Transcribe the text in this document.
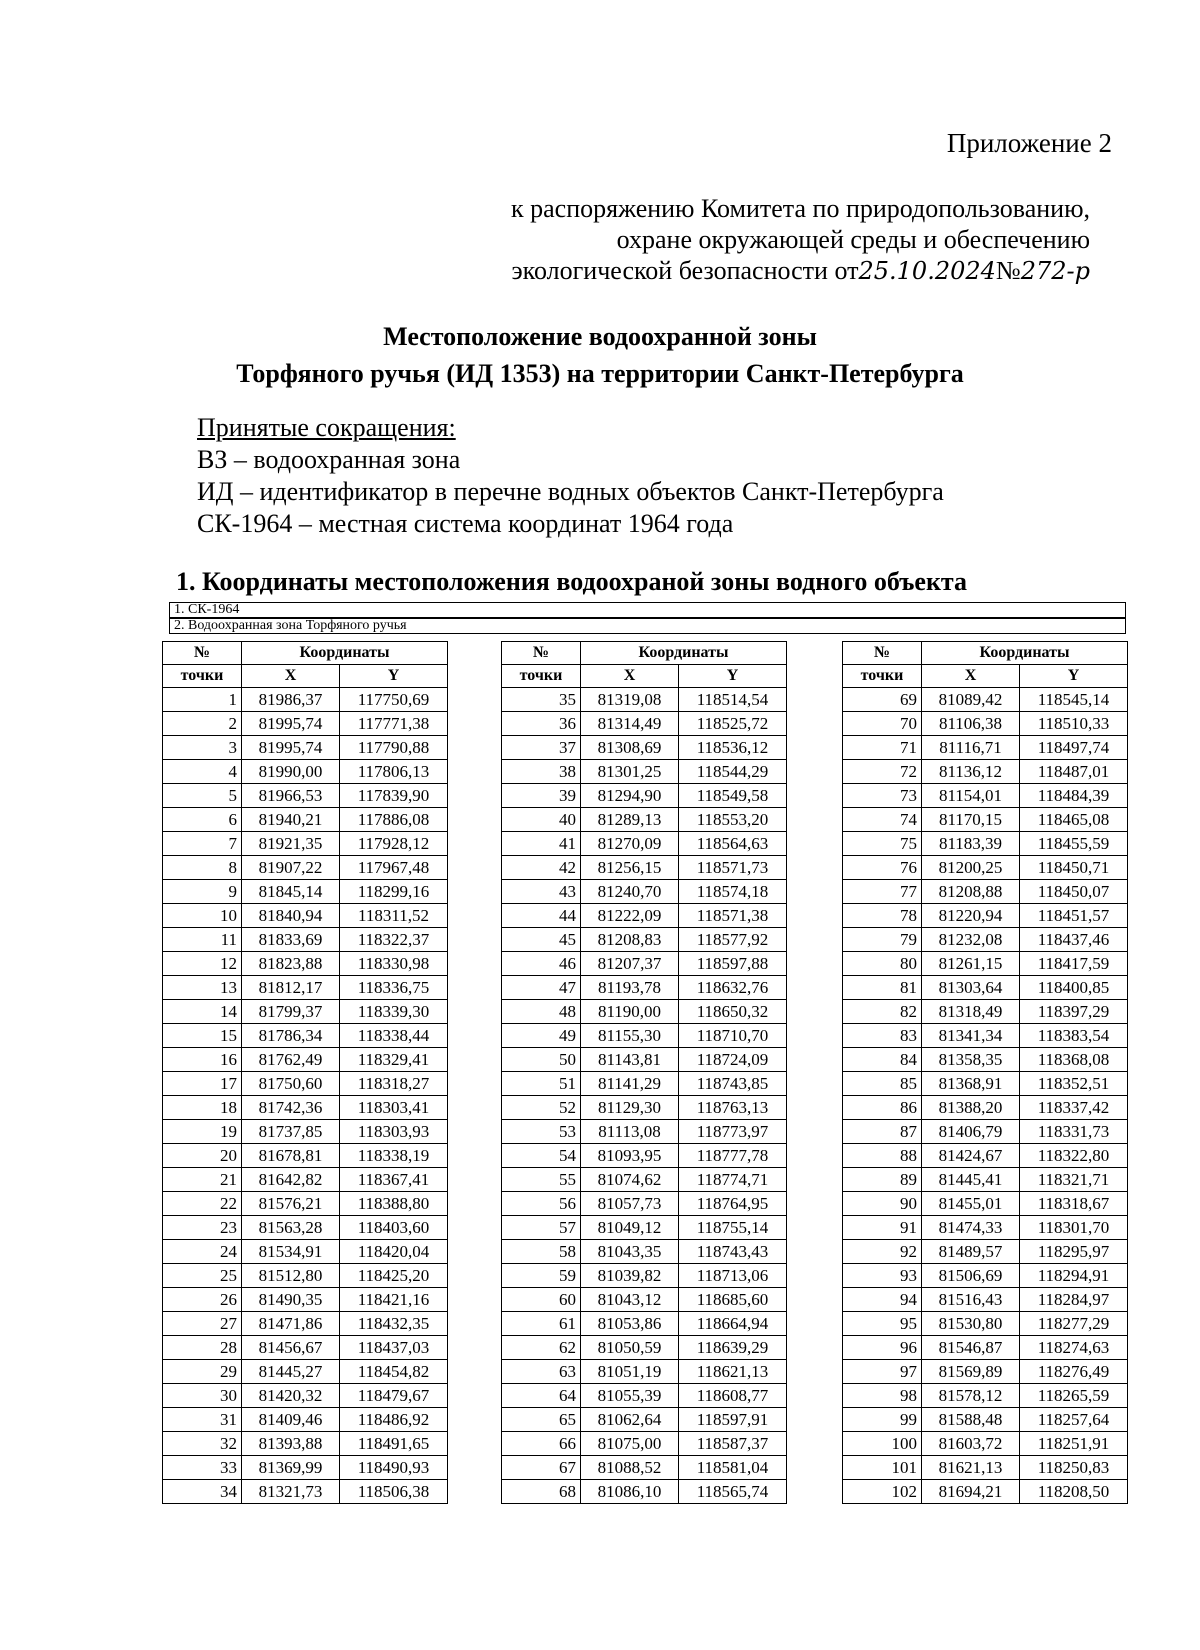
Приложение 2
к распоряжению Комитета по природопользованию,
охране окружающей среды и обеспечению
экологической безопасности от25.10.2024№272-р
Местоположение водоохранной зоны
Торфяного ручья (ИД 1353) на территории Санкт-Петербурга
Принятые сокращения:
ВЗ – водоохранная зона
ИД – идентификатор в перечне водных объектов Санкт-Петербурга
СК-1964 – местная система координат 1964 года
1. Координаты местоположения водоохраной зоны водного объекта
1. СК-1964
2. Водоохранная зона Торфяного ручья
№	Координаты	
точки	X	Y
1	81986,37	117750,69
2	81995,74	117771,38
3	81995,74	117790,88
4	81990,00	117806,13
5	81966,53	117839,90
6	81940,21	117886,08
7	81921,35	117928,12
8	81907,22	117967,48
9	81845,14	118299,16
10	81840,94	118311,52
11	81833,69	118322,37
12	81823,88	118330,98
13	81812,17	118336,75
14	81799,37	118339,30
15	81786,34	118338,44
16	81762,49	118329,41
17	81750,60	118318,27
18	81742,36	118303,41
19	81737,85	118303,93
20	81678,81	118338,19
21	81642,82	118367,41
22	81576,21	118388,80
23	81563,28	118403,60
24	81534,91	118420,04
25	81512,80	118425,20
26	81490,35	118421,16
27	81471,86	118432,35
28	81456,67	118437,03
29	81445,27	118454,82
30	81420,32	118479,67
31	81409,46	118486,92
32	81393,88	118491,65
33	81369,99	118490,93
34	81321,73	118506,38
№	Координаты	
точки	X	Y
35	81319,08	118514,54
36	81314,49	118525,72
37	81308,69	118536,12
38	81301,25	118544,29
39	81294,90	118549,58
40	81289,13	118553,20
41	81270,09	118564,63
42	81256,15	118571,73
43	81240,70	118574,18
44	81222,09	118571,38
45	81208,83	118577,92
46	81207,37	118597,88
47	81193,78	118632,76
48	81190,00	118650,32
49	81155,30	118710,70
50	81143,81	118724,09
51	81141,29	118743,85
52	81129,30	118763,13
53	81113,08	118773,97
54	81093,95	118777,78
55	81074,62	118774,71
56	81057,73	118764,95
57	81049,12	118755,14
58	81043,35	118743,43
59	81039,82	118713,06
60	81043,12	118685,60
61	81053,86	118664,94
62	81050,59	118639,29
63	81051,19	118621,13
64	81055,39	118608,77
65	81062,64	118597,91
66	81075,00	118587,37
67	81088,52	118581,04
68	81086,10	118565,74
№	Координаты	
точки	X	Y
69	81089,42	118545,14
70	81106,38	118510,33
71	81116,71	118497,74
72	81136,12	118487,01
73	81154,01	118484,39
74	81170,15	118465,08
75	81183,39	118455,59
76	81200,25	118450,71
77	81208,88	118450,07
78	81220,94	118451,57
79	81232,08	118437,46
80	81261,15	118417,59
81	81303,64	118400,85
82	81318,49	118397,29
83	81341,34	118383,54
84	81358,35	118368,08
85	81368,91	118352,51
86	81388,20	118337,42
87	81406,79	118331,73
88	81424,67	118322,80
89	81445,41	118321,71
90	81455,01	118318,67
91	81474,33	118301,70
92	81489,57	118295,97
93	81506,69	118294,91
94	81516,43	118284,97
95	81530,80	118277,29
96	81546,87	118274,63
97	81569,89	118276,49
98	81578,12	118265,59
99	81588,48	118257,64
100	81603,72	118251,91
101	81621,13	118250,83
102	81694,21	118208,50
